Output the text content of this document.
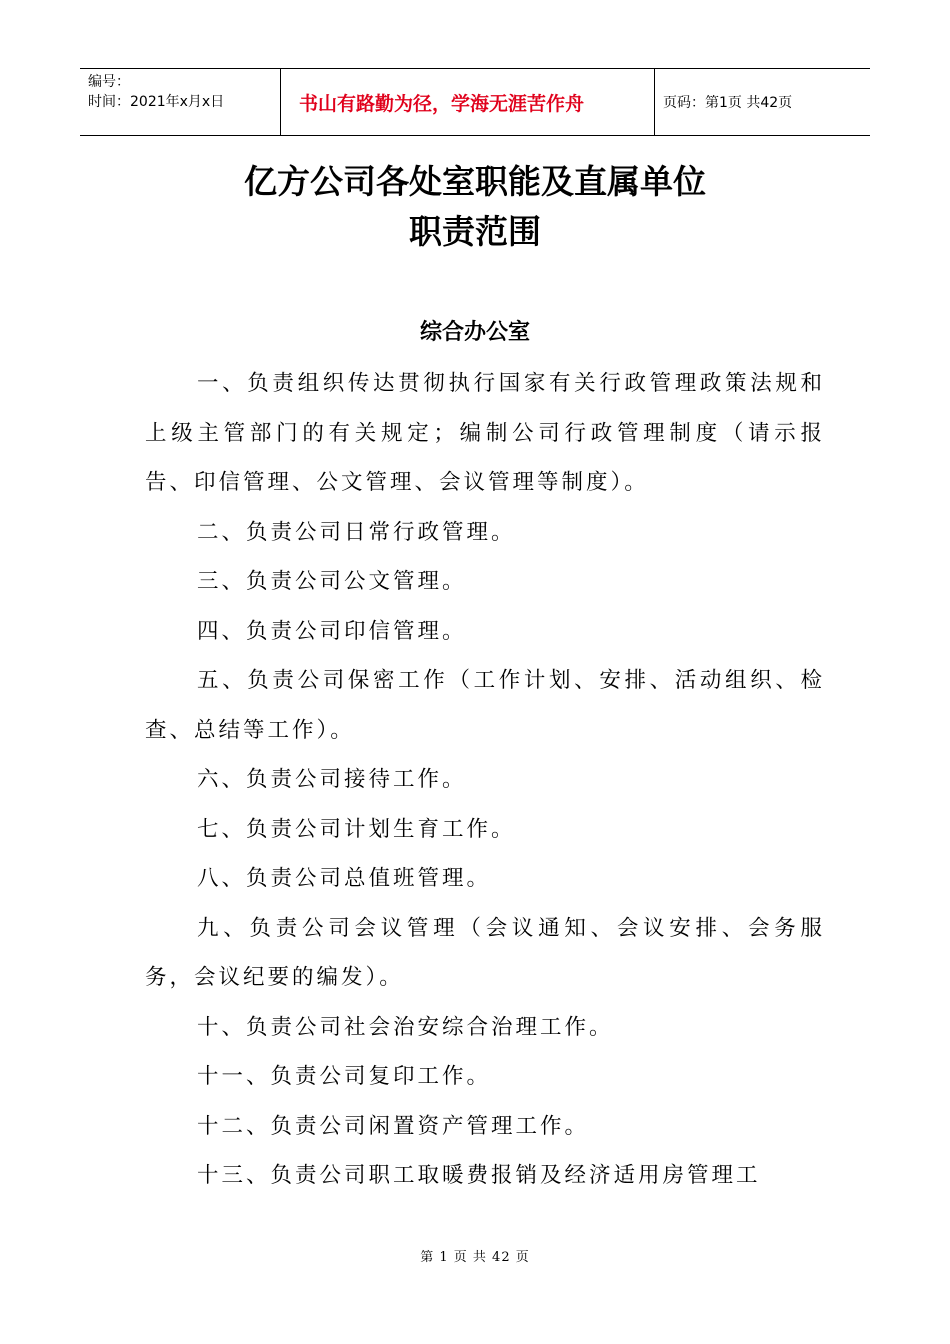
编号：
时间：2021年x月x日	书山有路勤为径，学海无涯苦作舟	页码：第1页 共42页
亿方公司各处室职能及直属单位
职责范围
综合办公室

一、负责组织传达贯彻执行国家有关行政管理政策法规和上级主管部门的有关规定；编制公司行政管理制度（请示报告、印信管理、公文管理、会议管理等制度）。

二、负责公司日常行政管理。

三、负责公司公文管理。

四、负责公司印信管理。

五、负责公司保密工作（工作计划、安排、活动组织、检查、总结等工作）。

六、负责公司接待工作。

七、负责公司计划生育工作。

八、负责公司总值班管理。

九、负责公司会议管理（会议通知、会议安排、会务服务，会议纪要的编发）。

十、负责公司社会治安综合治理工作。

十一、负责公司复印工作。

十二、负责公司闲置资产管理工作。

十三、负责公司职工取暖费报销及经济适用房管理工

第 1 页 共 42 页
